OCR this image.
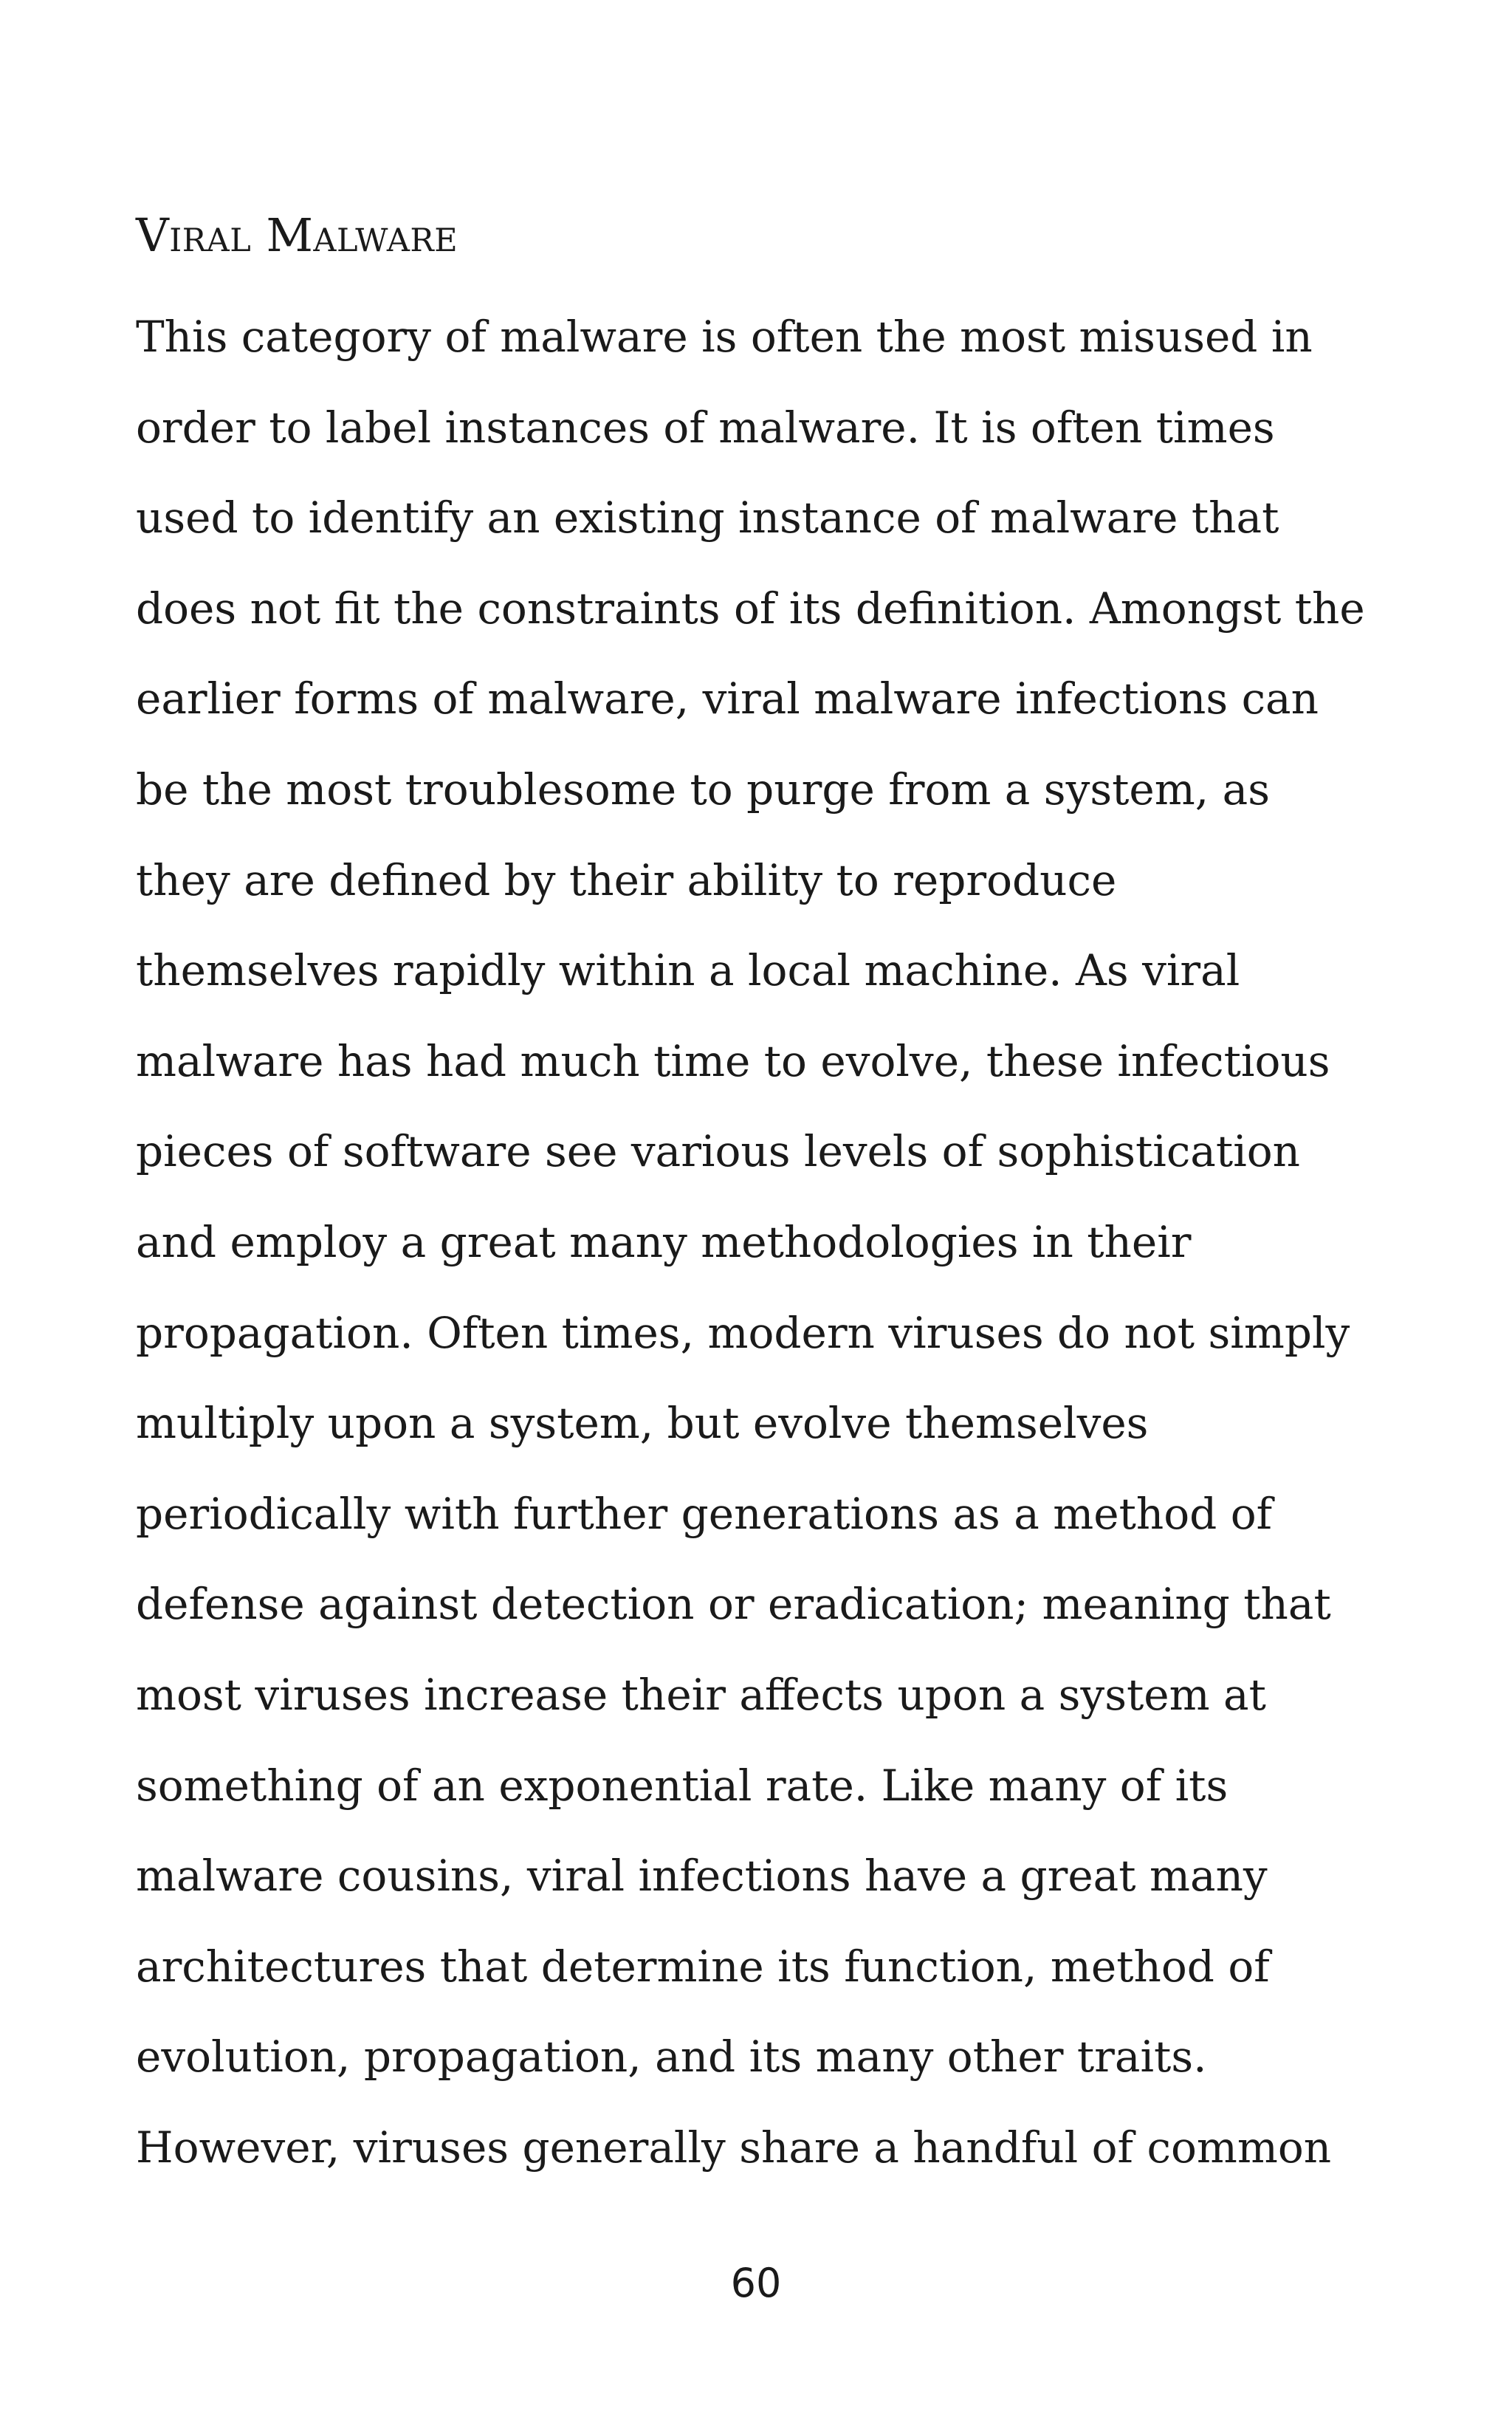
Viral Malware
This category of malware is often the most misused in
order to label instances of malware. It is often times
used to identify an existing instance of malware that
does not fit the constraints of its definition. Amongst the
earlier forms of malware, viral malware infections can
be the most troublesome to purge from a system, as
they are defined by their ability to reproduce
themselves rapidly within a local machine. As viral
malware has had much time to evolve, these infectious
pieces of software see various levels of sophistication
and employ a great many methodologies in their
propagation. Often times, modern viruses do not simply
multiply upon a system, but evolve themselves
periodically with further generations as a method of
defense against detection or eradication; meaning that
most viruses increase their affects upon a system at
something of an exponential rate. Like many of its
malware cousins, viral infections have a great many
architectures that determine its function, method of
evolution, propagation, and its many other traits.
However, viruses generally share a handful of common
60
